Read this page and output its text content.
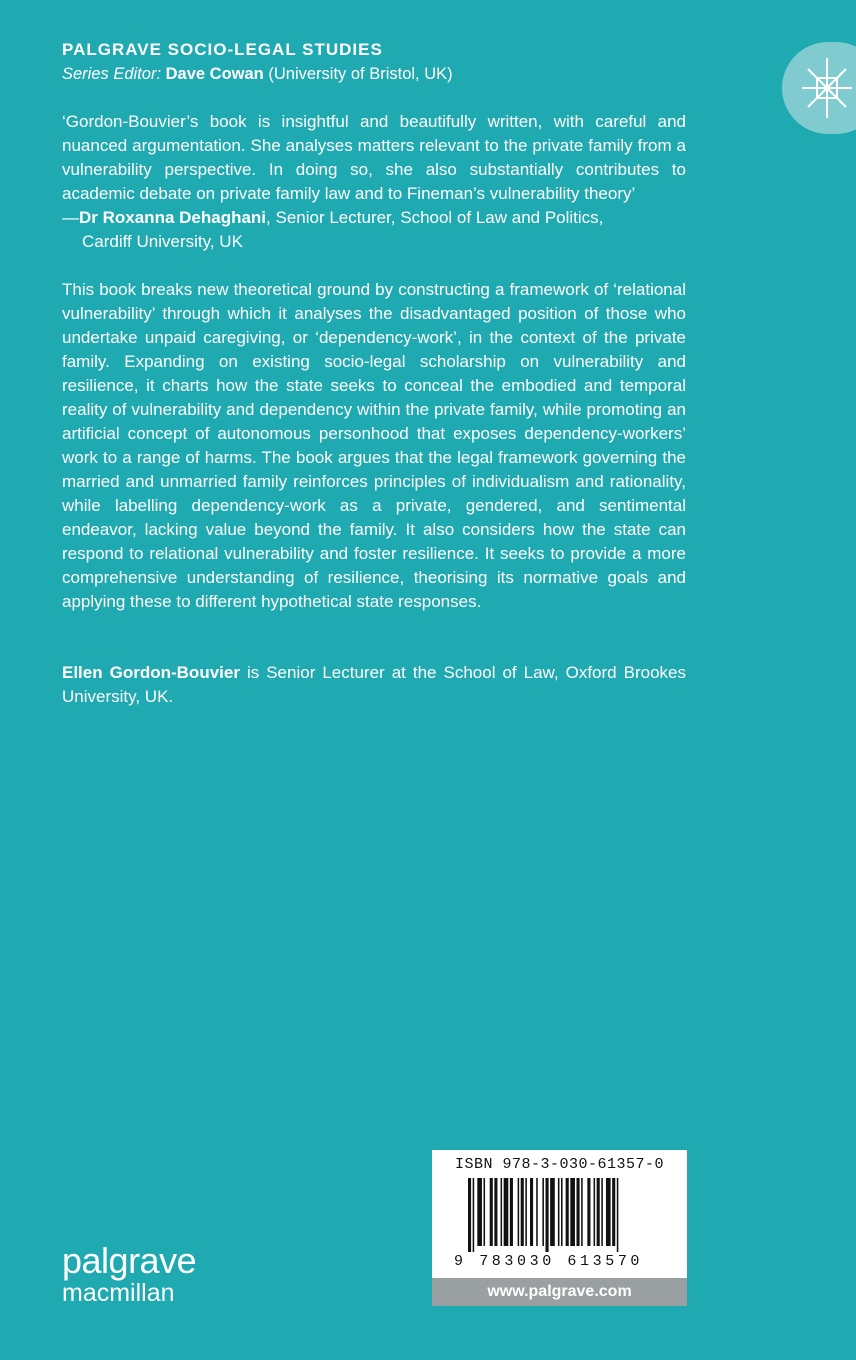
PALGRAVE SOCIO-LEGAL STUDIES
Series Editor: Dave Cowan (University of Bristol, UK)
‘Gordon-Bouvier’s book is insightful and beautifully written, with careful and nuanced argumentation. She analyses matters relevant to the private family from a vulnerability perspective. In doing so, she also substantially contributes to academic debate on private family law and to Fineman’s vulnerability theory’
—Dr Roxanna Dehaghani, Senior Lecturer, School of Law and Politics,
Cardiff University, UK
This book breaks new theoretical ground by constructing a framework of ‘relational vulnerability’ through which it analyses the disadvantaged position of those who undertake unpaid caregiving, or ‘dependency-work’, in the context of the private family. Expanding on existing socio-legal scholarship on vulnerability and resilience, it charts how the state seeks to conceal the embodied and temporal reality of vulnerability and dependency within the private family, while promoting an artificial concept of autonomous personhood that exposes dependency-workers’ work to a range of harms. The book argues that the legal framework governing the married and unmarried family reinforces principles of individualism and rationality, while labelling dependency-work as a private, gendered, and sentimental endeavor, lacking value beyond the family. It also considers how the state can respond to relational vulnerability and foster resilience. It seeks to provide a more comprehensive understanding of resilience, theorising its normative goals and applying these to different hypothetical state responses.
Ellen Gordon-Bouvier is Senior Lecturer at the School of Law, Oxford Brookes University, UK.
palgrave
macmillan
ISBN 978-3-030-61357-0
9 783030 613570
www.palgrave.com
